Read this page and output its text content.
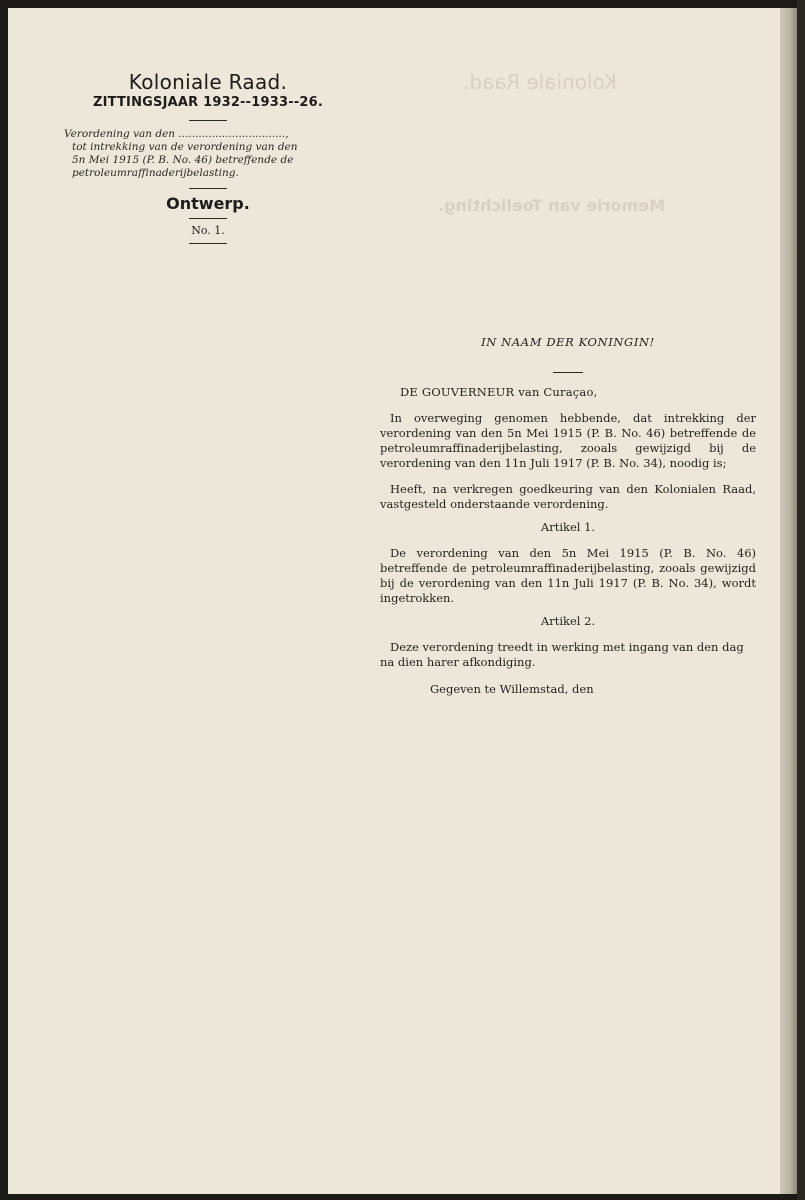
Koloniale Raad.
Memorie van Toelichting.

Koloniale Raad.

ZITTINGSJAAR 1932--1933--26.

Verordening van den ................................,
tot intrekking van de verordening van den
5n Mei 1915 (P. B. No. 46) betreffende de
petroleumraffinaderijbelasting.

Ontwerp.

No. 1.

IN NAAM DER KONINGIN!

DE GOUVERNEUR van Curaçao,

In overweging genomen hebbende, dat intrekking der verordening van den 5n Mei 1915 (P. B. No. 46) betreffende de petroleumraffinaderijbelasting, zooals gewijzigd bij de verordening van den 11n Juli 1917 (P. B. No. 34), noodig is;

Heeft, na verkregen goedkeuring van den Kolonialen Raad, vastgesteld onderstaande verordening.

Artikel 1.

De verordening van den 5n Mei 1915 (P. B. No. 46) betreffende de petroleumraffinaderijbelasting, zooals gewijzigd bij de verordening van den 11n Juli 1917 (P. B. No. 34), wordt ingetrokken.

Artikel 2.

Deze verordening treedt in werking met ingang van den dag na dien harer afkondiging.

Gegeven te Willemstad, den
